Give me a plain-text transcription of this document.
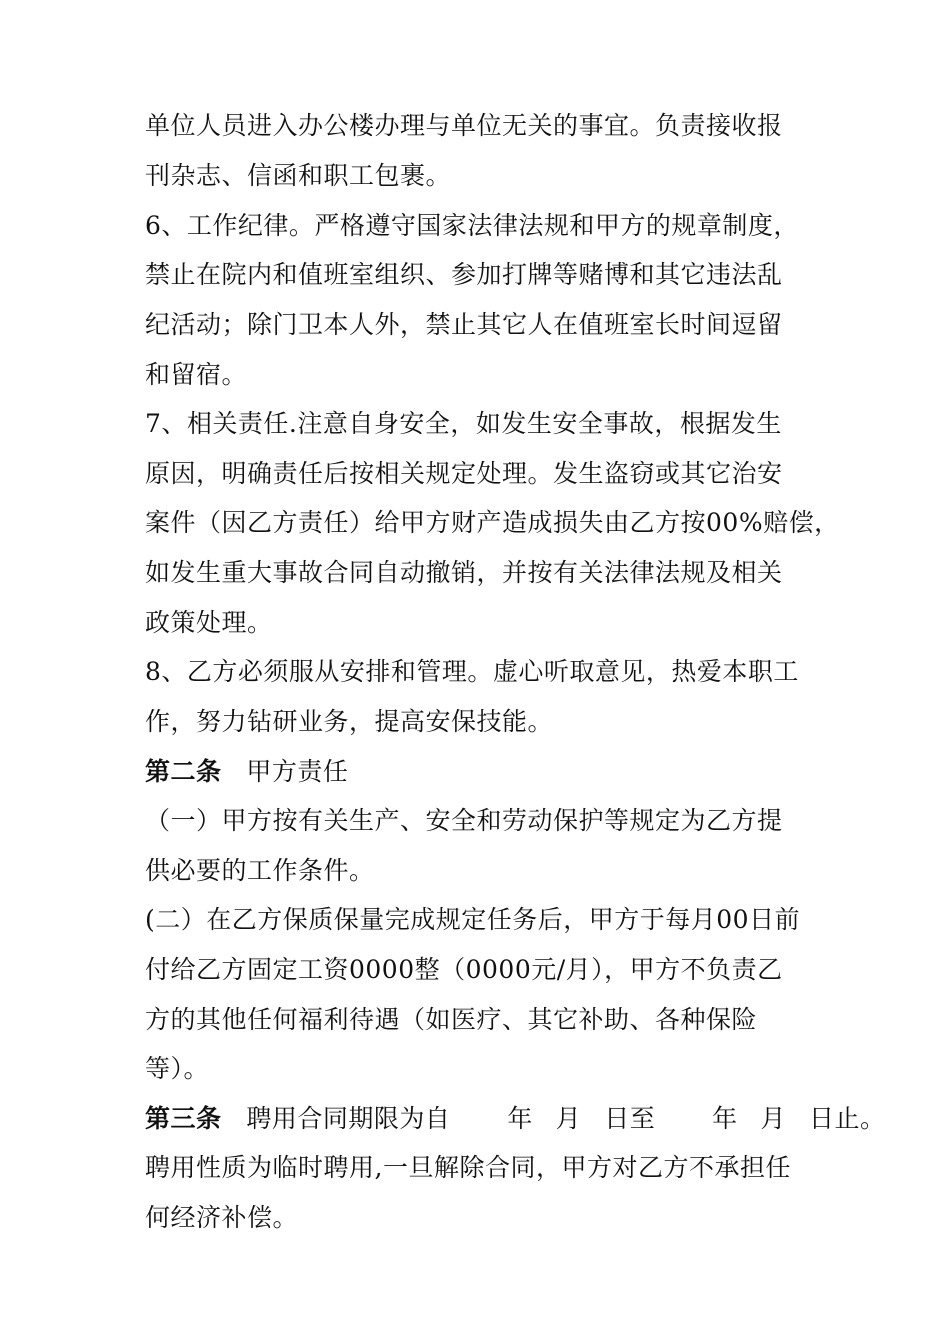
单位人员进入办公楼办理与单位无关的事宜。负责接收报
刊杂志、信函和职工包裹。
6、工作纪律。严格遵守国家法律法规和甲方的规章制度，
禁止在院内和值班室组织、参加打牌等赌博和其它违法乱
纪活动；除门卫本人外，禁止其它人在值班室长时间逗留
和留宿。
7、相关责任.注意自身安全，如发生安全事故，根据发生
原因，明确责任后按相关规定处理。发生盗窃或其它治安
案件（因乙方责任）给甲方财产造成损失由乙方按00%赔偿，
如发生重大事故合同自动撤销，并按有关法律法规及相关
政策处理。
8、乙方必须服从安排和管理。虚心听取意见，热爱本职工
作，努力钻研业务，提高安保技能。
第二条 甲方责任
（一）甲方按有关生产、安全和劳动保护等规定为乙方提
供必要的工作条件。
(二）在乙方保质保量完成规定任务后，甲方于每月00日前
付给乙方固定工资0000整（0000元/月），甲方不负责乙
方的其他任何福利待遇（如医疗、其它补助、各种保险
等）。
第三条 聘用合同期限为自 年 月 日至 年 月 日止。
聘用性质为临时聘用,一旦解除合同，甲方对乙方不承担任
何经济补偿。
